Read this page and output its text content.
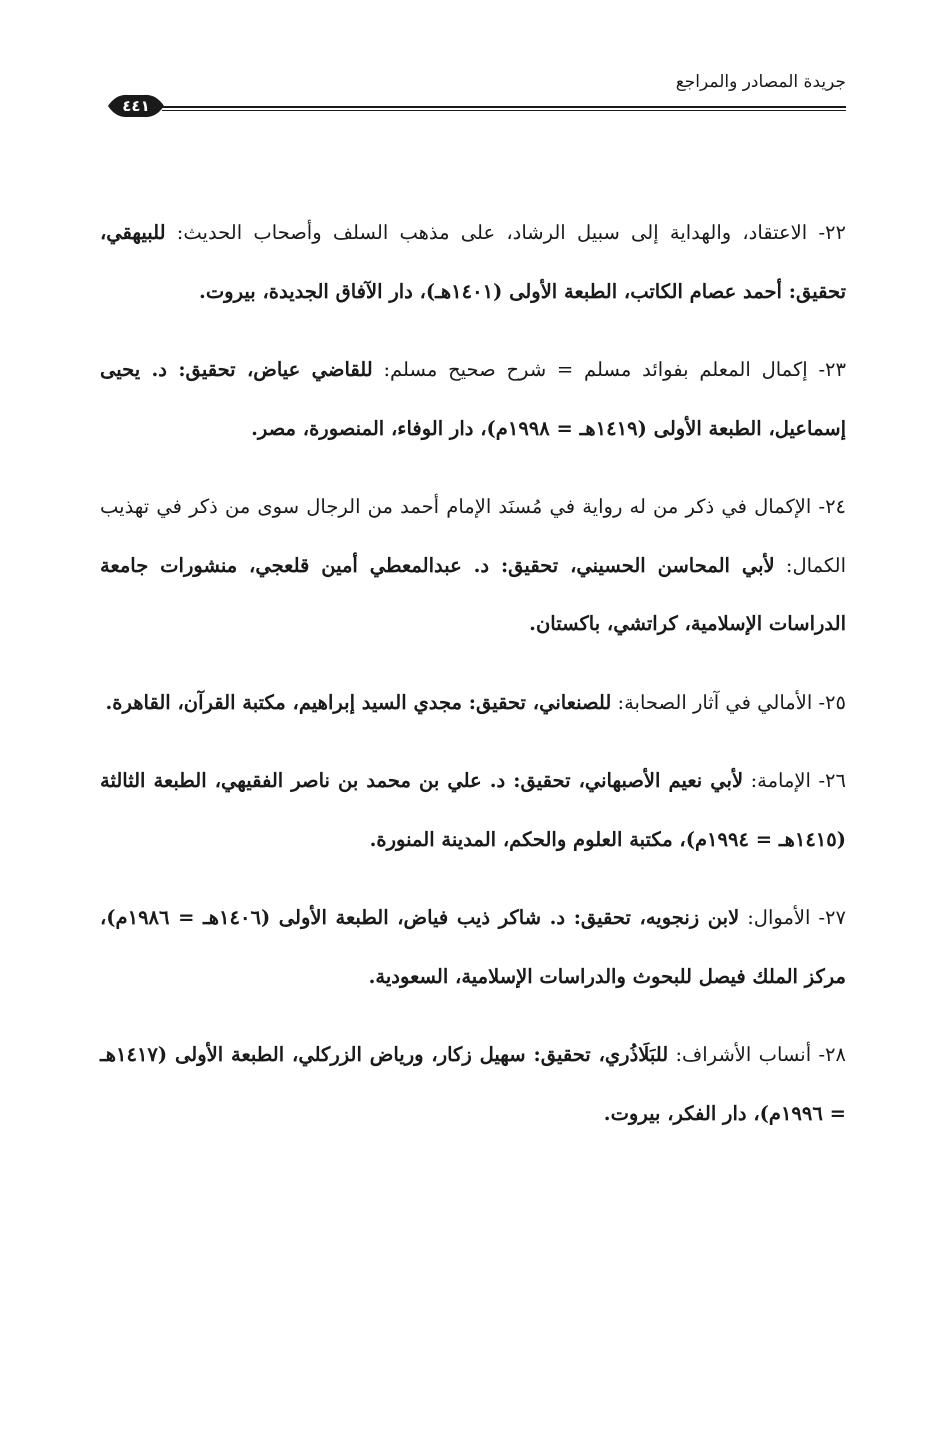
جريدة المصادر والمراجع
٤٤١

٢٢- الاعتقاد، والهداية إلى سبيل الرشاد، على مذهب السلف وأصحاب الحديث: للبيهقي، تحقيق: أحمد عصام الكاتب، الطبعة الأولى (١٤٠١هـ)، دار الآفاق الجديدة، بيروت.

٢٣- إكمال المعلم بفوائد مسلم = شرح صحيح مسلم: للقاضي عياض، تحقيق: د. يحيى إسماعيل، الطبعة الأولى (١٤١٩هـ = ١٩٩٨م)، دار الوفاء، المنصورة، مصر.

٢٤- الإكمال في ذكر من له رواية في مُسنَد الإمام أحمد من الرجال سوى من ذكر في تهذيب الكمال: لأبي المحاسن الحسيني، تحقيق: د. عبدالمعطي أمين قلعجي، منشورات جامعة الدراسات الإسلامية، كراتشي، باكستان.

٢٥- الأمالي في آثار الصحابة: للصنعاني، تحقيق: مجدي السيد إبراهيم، مكتبة القرآن، القاهرة.

٢٦- الإمامة: لأبي نعيم الأصبهاني، تحقيق: د. علي بن محمد بن ناصر الفقيهي، الطبعة الثالثة (١٤١٥هـ = ١٩٩٤م)، مكتبة العلوم والحكم، المدينة المنورة.

٢٧- الأموال: لابن زنجويه، تحقيق: د. شاكر ذيب فياض، الطبعة الأولى (١٤٠٦هـ = ١٩٨٦م)، مركز الملك فيصل للبحوث والدراسات الإسلامية، السعودية.

٢٨- أنساب الأشراف: للبَلَاذُري، تحقيق: سهيل زكار، ورياض الزركلي، الطبعة الأولى (١٤١٧هـ = ١٩٩٦م)، دار الفكر، بيروت.
